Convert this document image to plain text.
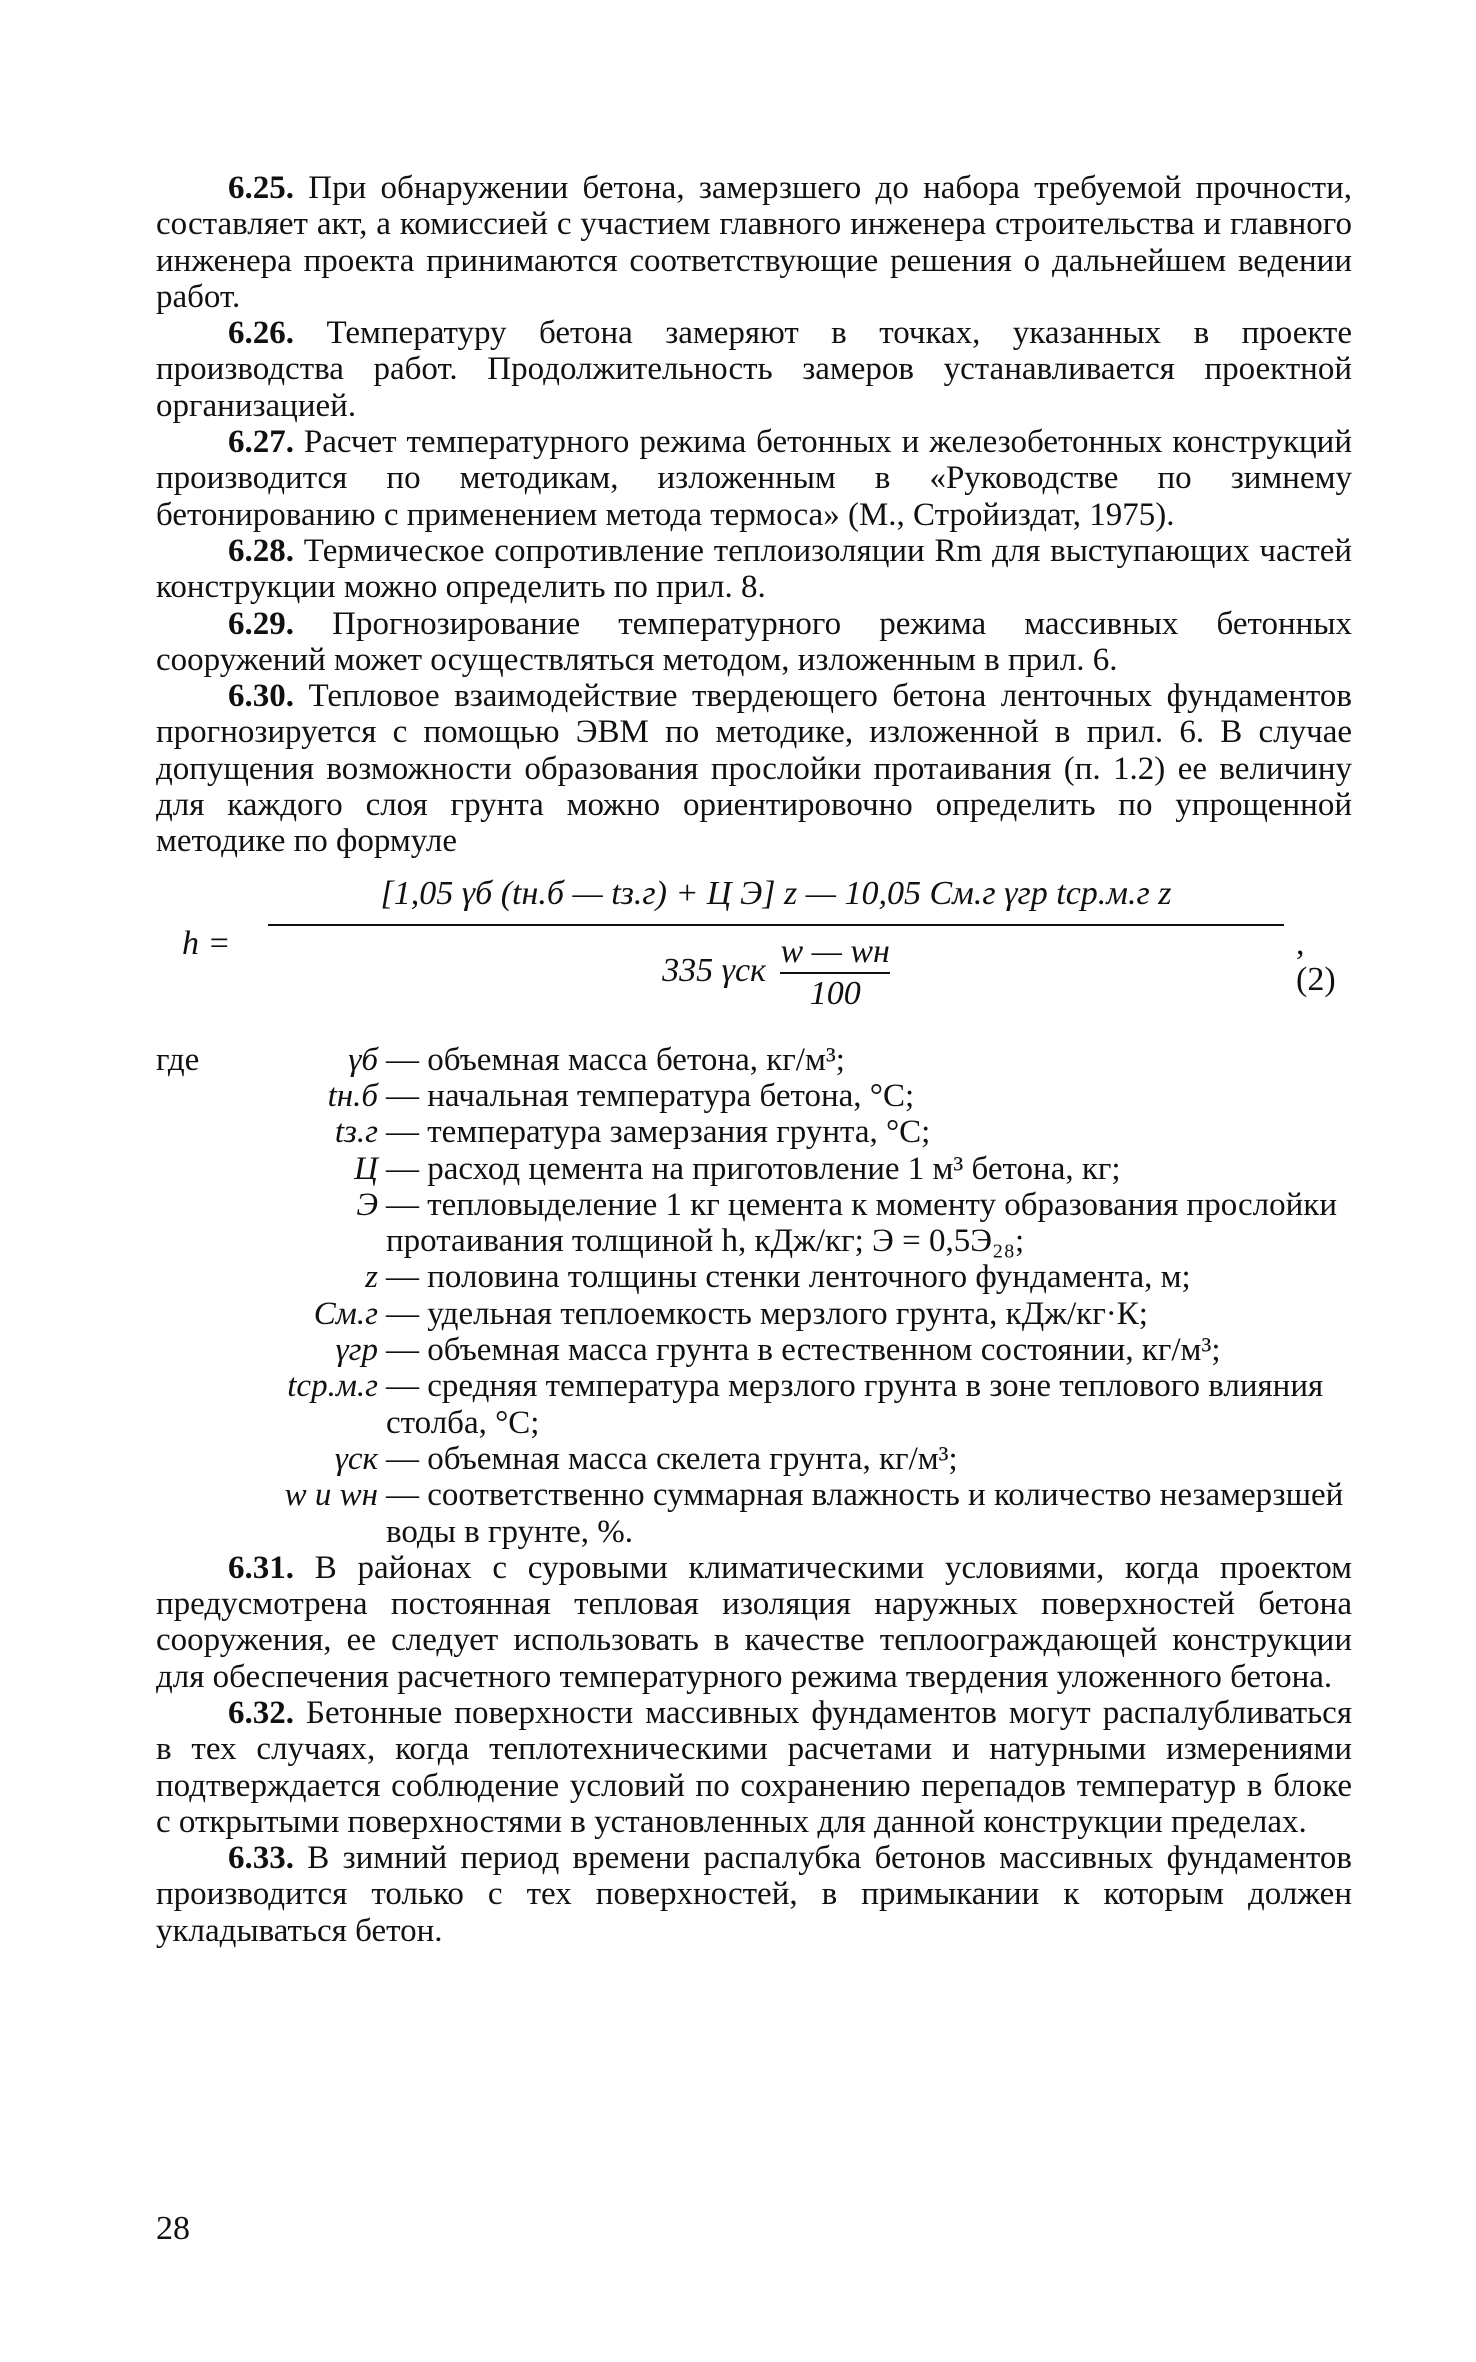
6.25. При обнаружении бетона, замерзшего до набора требуемой прочности, составляет акт, а комиссией с участием главного инженера строительства и главного инженера проекта принимаются соответствующие решения о дальнейшем ведении работ.

6.26. Температуру бетона замеряют в точках, указанных в проекте производства работ. Продолжительность замеров устанавливается проектной организацией.

6.27. Расчет температурного режима бетонных и железобетонных конструкций производится по методикам, изложенным в «Руководстве по зимнему бетонированию с применением метода термоса» (М., Стройиздат, 1975).

6.28. Термическое сопротивление теплоизоляции Rm для выступающих частей конструкции можно определить по прил. 8.

6.29. Прогнозирование температурного режима массивных бетонных сооружений может осуществляться методом, изложенным в прил. 6.

6.30. Тепловое взаимодействие твердеющего бетона ленточных фундаментов прогнозируется с помощью ЭВМ по методике, изложенной в прил. 6. В случае допущения возможности образования прослойки протаивания (п. 1.2) ее величину для каждого слоя грунта можно ориентировочно определить по упрощенной методике по формуле

h =
[1,05 γб (tн.б — tз.г) + Ц Э] z — 10,05 Cм.г γгр tср.м.г z
335 γск $\frac{w — wн}{100}$	, (2)
где	γб — объемная масса бетона, кг/м³;
tн.б — начальная температура бетона, °С;
tз.г — температура замерзания грунта, °С;
Ц — расход цемента на приготовление 1 м³ бетона, кг;
Э — тепловыделение 1 кг цемента к моменту образования прослойки протаивания толщиной h, кДж/кг; Э = 0,5Э₂₈;
z — половина толщины стенки ленточного фундамента, м;
Cм.г — удельная теплоемкость мерзлого грунта, кДж/кг·К;
γгр — объемная масса грунта в естественном состоянии, кг/м³;
tср.м.г — средняя температура мерзлого грунта в зоне теплового влияния столба, °С;
γск — объемная масса скелета грунта, кг/м³;
w и wн — соответственно суммарная влажность и количество незамерзшей воды в грунте, %.

6.31. В районах с суровыми климатическими условиями, когда проектом предусмотрена постоянная тепловая изоляция наружных поверхностей бетона сооружения, ее следует использовать в качестве теплоограждающей конструкции для обеспечения расчетного температурного режима твердения уложенного бетона.

6.32. Бетонные поверхности массивных фундаментов могут распалубливаться в тех случаях, когда теплотехническими расчетами и натурными измерениями подтверждается соблюдение условий по сохранению перепадов температур в блоке с открытыми поверхностями в установленных для данной конструкции пределах.

6.33. В зимний период времени распалубка бетонов массивных фундаментов производится только с тех поверхностей, в примыкании к которым должен укладываться бетон.

28
